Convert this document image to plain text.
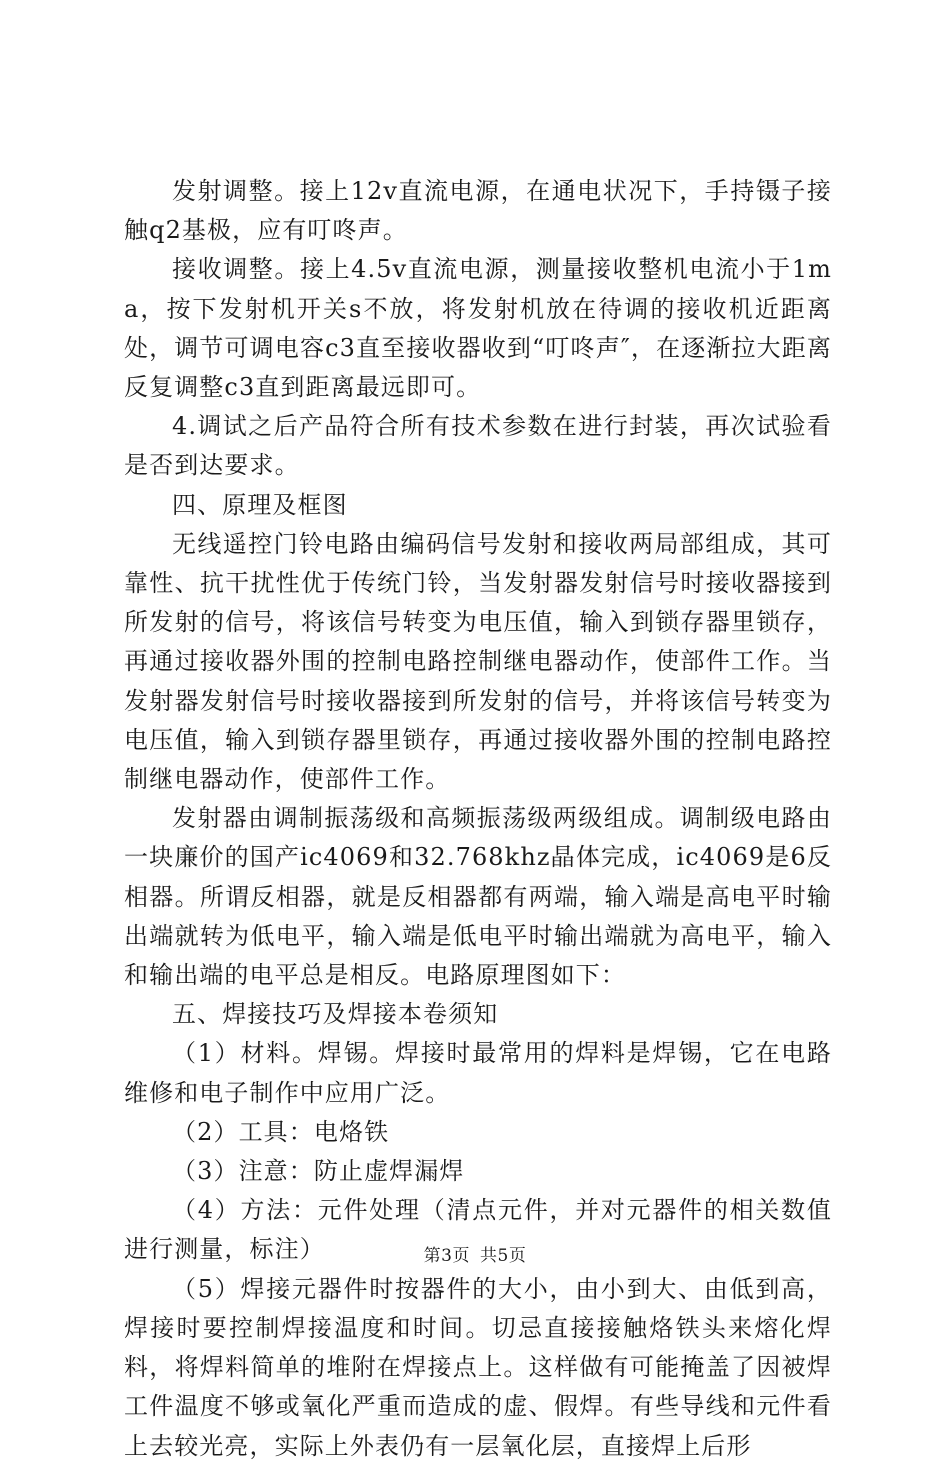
发射调整。接上12v直流电源，在通电状况下，手持镊子接触q2基极，应有叮咚声。

接收调整。接上4.5v直流电源，测量接收整机电流小于1ma，按下发射机开关s不放，将发射机放在待调的接收机近距离处，调节可调电容c3直至接收器收到“叮咚声″，在逐渐拉大距离反复调整c3直到距离最远即可。

4.调试之后产品符合所有技术参数在进行封装，再次试验看是否到达要求。

四、原理及框图

无线遥控门铃电路由编码信号发射和接收两局部组成，其可靠性、抗干扰性优于传统门铃，当发射器发射信号时接收器接到所发射的信号，将该信号转变为电压值，输入到锁存器里锁存，再通过接收器外围的控制电路控制继电器动作，使部件工作。当发射器发射信号时接收器接到所发射的信号，并将该信号转变为电压值，输入到锁存器里锁存，再通过接收器外围的控制电路控制继电器动作，使部件工作。

发射器由调制振荡级和高频振荡级两级组成。调制级电路由一块廉价的国产ic4069和32.768khz晶体完成，ic4069是6反相器。所谓反相器，就是反相器都有两端，输入端是高电平时输出端就转为低电平，输入端是低电平时输出端就为高电平，输入和输出端的电平总是相反。电路原理图如下：

五、焊接技巧及焊接本卷须知

（1）材料。焊锡。焊接时最常用的焊料是焊锡，它在电路维修和电子制作中应用广泛。

（2）工具：电烙铁

（3）注意：防止虚焊漏焊

（4）方法：元件处理（清点元件，并对元器件的相关数值进行测量，标注）

（5）焊接元器件时按器件的大小，由小到大、由低到高，焊接时要控制焊接温度和时间。切忌直接接触烙铁头来熔化焊料，将焊料简单的堆附在焊接点上。这样做有可能掩盖了因被焊工件温度不够或氧化严重而造成的虚、假焊。有些导线和元件看上去较光亮，实际上外表仍有一层氧化层，直接焊上后形

第3页 共5页
